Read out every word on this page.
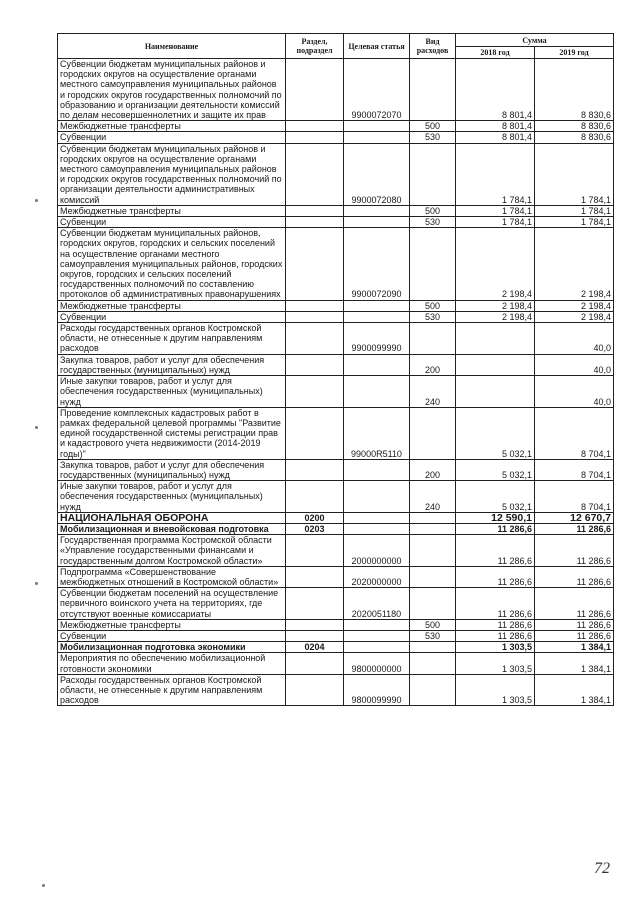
Наименование	Раздел, подраздел	Целевая статья	Вид расходов	Сумма	
				2018 год	2019 год
Субвенции бюджетам муниципальных районов и городских округов на осуществление органами местного самоуправления муниципальных районов и городских округов государственных полномочий по образованию и организации деятельности комиссий по делам несовершеннолетних и защите их прав		9900072070		8 801,4	8 830,6
Межбюджетные трансферты			500	8 801,4	8 830,6
Субвенции			530	8 801,4	8 830,6
Субвенции бюджетам муниципальных районов и городских округов на осуществление органами местного самоуправления муниципальных районов и городских округов государственных полномочий по организации деятельности административных комиссий		9900072080		1 784,1	1 784,1
Межбюджетные трансферты			500	1 784,1	1 784,1
Субвенции			530	1 784,1	1 784,1
Субвенции бюджетам муниципальных районов, городских округов, городских и сельских поселений на осуществление органами местного самоуправления муниципальных районов, городских округов, городских и сельских поселений государственных полномочий по составлению протоколов об административных правонарушениях		9900072090		2 198,4	2 198,4
Межбюджетные трансферты			500	2 198,4	2 198,4
Субвенции			530	2 198,4	2 198,4
Расходы государственных органов Костромской области, не отнесенные к другим направлениям расходов		9900099990			40,0
Закупка товаров, работ и услуг для обеспечения государственных (муниципальных) нужд			200		40,0
Иные закупки товаров, работ и услуг для обеспечения государственных (муниципальных) нужд			240		40,0
Проведение комплексных кадастровых работ в рамках федеральной целевой программы "Развитие единой государственной системы регистрации прав и кадастрового учета недвижимости (2014-2019 годы)"		99000R5110		5 032,1	8 704,1
Закупка товаров, работ и услуг для обеспечения государственных (муниципальных) нужд			200	5 032,1	8 704,1
Иные закупки товаров, работ и услуг для обеспечения государственных (муниципальных) нужд			240	5 032,1	8 704,1
НАЦИОНАЛЬНАЯ ОБОРОНА	0200			12 590,1	12 670,7
Мобилизационная и вневойсковая подготовка	0203			11 286,6	11 286,6
Государственная программа Костромской области «Управление государственными финансами и государственным долгом Костромской области»		2000000000		11 286,6	11 286,6
Подпрограмма «Совершенствование межбюджетных отношений в Костромской области»		2020000000		11 286,6	11 286,6
Субвенции бюджетам поселений на осуществление первичного воинского учета на территориях, где отсутствуют военные комиссариаты		2020051180		11 286,6	11 286,6
Межбюджетные трансферты			500	11 286,6	11 286,6
Субвенции			530	11 286,6	11 286,6
Мобилизационная подготовка экономики	0204			1 303,5	1 384,1
Мероприятия по обеспечению мобилизационной готовности экономики		9800000000		1 303,5	1 384,1
Расходы государственных органов Костромской области, не отнесенные к другим направлениям расходов		9800099990		1 303,5	1 384,1
72
